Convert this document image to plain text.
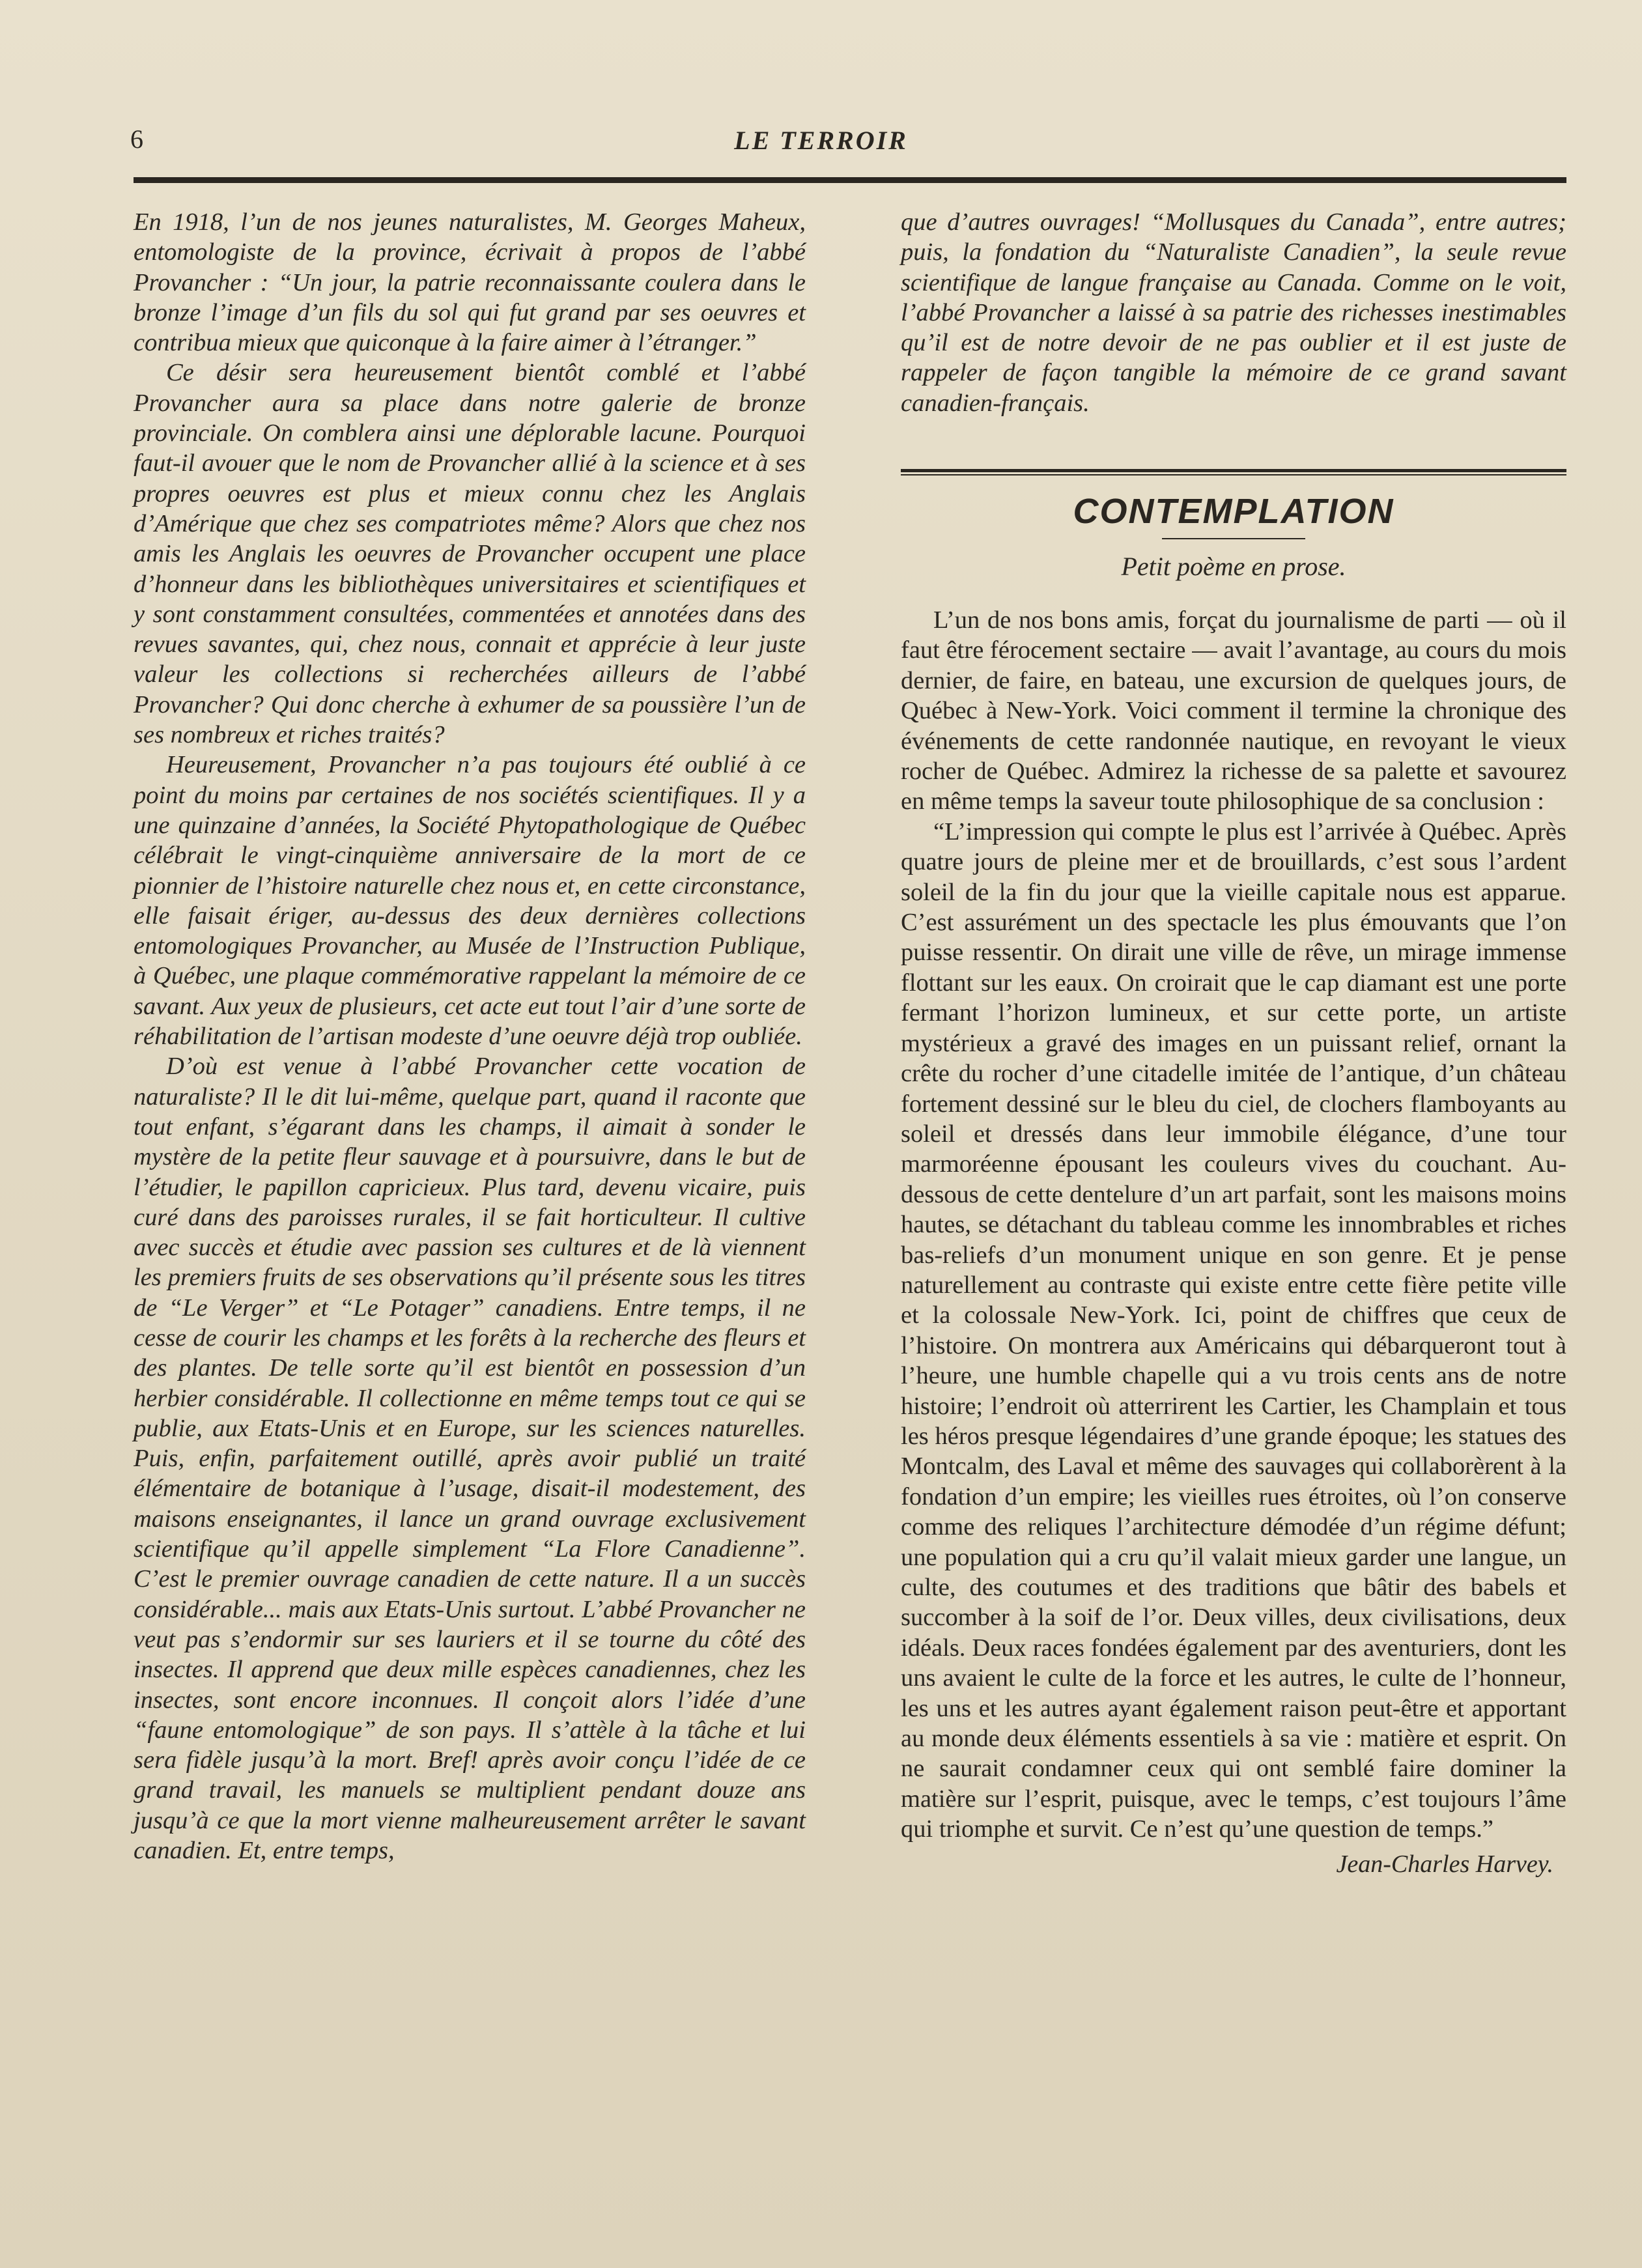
6	LE TERROIR

En 1918, l’un de nos jeunes naturalistes, M. Georges Maheux, entomologiste de la province, écrivait à propos de l’abbé Provancher : “Un jour, la patrie reconnaissante coulera dans le bronze l’image d’un fils du sol qui fut grand par ses oeuvres et contribua mieux que quiconque à la faire aimer à l’étranger.”

Ce désir sera heureusement bientôt comblé et l’abbé Provancher aura sa place dans notre galerie de bronze provinciale. On comblera ainsi une déplorable lacune. Pourquoi faut-il avouer que le nom de Provancher allié à la science et à ses propres oeuvres est plus et mieux connu chez les Anglais d’Amérique que chez ses compatriotes même? Alors que chez nos amis les Anglais les oeuvres de Provancher occupent une place d’honneur dans les bibliothèques universitaires et scientifiques et y sont constamment consultées, commentées et annotées dans des revues savantes, qui, chez nous, connait et apprécie à leur juste valeur les collections si recherchées ailleurs de l’abbé Provancher? Qui donc cherche à exhumer de sa poussière l’un de ses nombreux et riches traités?

Heureusement, Provancher n’a pas toujours été oublié à ce point du moins par certaines de nos sociétés scientifiques. Il y a une quinzaine d’années, la Société Phytopathologique de Québec célébrait le vingt-cinquième anniversaire de la mort de ce pionnier de l’histoire naturelle chez nous et, en cette circonstance, elle faisait ériger, au-dessus des deux dernières collections entomologiques Provancher, au Musée de l’Instruction Publique, à Québec, une plaque commémorative rappelant la mémoire de ce savant. Aux yeux de plusieurs, cet acte eut tout l’air d’une sorte de réhabilitation de l’artisan modeste d’une oeuvre déjà trop oubliée.

D’où est venue à l’abbé Provancher cette vocation de naturaliste? Il le dit lui-même, quelque part, quand il raconte que tout enfant, s’égarant dans les champs, il aimait à sonder le mystère de la petite fleur sauvage et à poursuivre, dans le but de l’étudier, le papillon capricieux. Plus tard, devenu vicaire, puis curé dans des paroisses rurales, il se fait horticulteur. Il cultive avec succès et étudie avec passion ses cultures et de là viennent les premiers fruits de ses observations qu’il présente sous les titres de “Le Verger” et “Le Potager” canadiens. Entre temps, il ne cesse de courir les champs et les forêts à la recherche des fleurs et des plantes. De telle sorte qu’il est bientôt en possession d’un herbier considérable. Il collectionne en même temps tout ce qui se publie, aux Etats-Unis et en Europe, sur les sciences naturelles. Puis, enfin, parfaitement outillé, après avoir publié un traité élémentaire de botanique à l’usage, disait-il modestement, des maisons enseignantes, il lance un grand ouvrage exclusivement scientifique qu’il appelle simplement “La Flore Canadienne”. C’est le premier ouvrage canadien de cette nature. Il a un succès considérable... mais aux Etats-Unis surtout. L’abbé Provancher ne veut pas s’endormir sur ses lauriers et il se tourne du côté des insectes. Il apprend que deux mille espèces canadiennes, chez les insectes, sont encore inconnues. Il conçoit alors l’idée d’une “faune entomologique” de son pays. Il s’attèle à la tâche et lui sera fidèle jusqu’à la mort. Bref! après avoir conçu l’idée de ce grand travail, les manuels se multiplient pendant douze ans jusqu’à ce que la mort vienne malheureusement arrêter le savant canadien. Et, entre temps,

que d’autres ouvrages! “Mollusques du Canada”, entre autres; puis, la fondation du “Naturaliste Canadien”, la seule revue scientifique de langue française au Canada. Comme on le voit, l’abbé Provancher a laissé à sa patrie des richesses inestimables qu’il est de notre devoir de ne pas oublier et il est juste de rappeler de façon tangible la mémoire de ce grand savant canadien-français.

CONTEMPLATION
Petit poème en prose.

L’un de nos bons amis, forçat du journalisme de parti — où il faut être férocement sectaire — avait l’avantage, au cours du mois dernier, de faire, en bateau, une excursion de quelques jours, de Québec à New-York. Voici comment il termine la chronique des événements de cette randonnée nautique, en revoyant le vieux rocher de Québec. Admirez la richesse de sa palette et savourez en même temps la saveur toute philosophique de sa conclusion :

“L’impression qui compte le plus est l’arrivée à Québec. Après quatre jours de pleine mer et de brouillards, c’est sous l’ardent soleil de la fin du jour que la vieille capitale nous est apparue. C’est assurément un des spectacle les plus émouvants que l’on puisse ressentir. On dirait une ville de rêve, un mirage immense flottant sur les eaux. On croirait que le cap diamant est une porte fermant l’horizon lumineux, et sur cette porte, un artiste mystérieux a gravé des images en un puissant relief, ornant la crête du rocher d’une citadelle imitée de l’antique, d’un château fortement dessiné sur le bleu du ciel, de clochers flamboyants au soleil et dressés dans leur immobile élégance, d’une tour marmoréenne épousant les couleurs vives du couchant. Au-dessous de cette dentelure d’un art parfait, sont les maisons moins hautes, se détachant du tableau comme les innombrables et riches bas-reliefs d’un monument unique en son genre. Et je pense naturellement au contraste qui existe entre cette fière petite ville et la colossale New-York. Ici, point de chiffres que ceux de l’histoire. On montrera aux Américains qui débarqueront tout à l’heure, une humble chapelle qui a vu trois cents ans de notre histoire; l’endroit où atterrirent les Cartier, les Champlain et tous les héros presque légendaires d’une grande époque; les statues des Montcalm, des Laval et même des sauvages qui collaborèrent à la fondation d’un empire; les vieilles rues étroites, où l’on conserve comme des reliques l’architecture démodée d’un régime défunt; une population qui a cru qu’il valait mieux garder une langue, un culte, des coutumes et des traditions que bâtir des babels et succomber à la soif de l’or. Deux villes, deux civilisations, deux idéals. Deux races fondées également par des aventuriers, dont les uns avaient le culte de la force et les autres, le culte de l’honneur, les uns et les autres ayant également raison peut-être et apportant au monde deux éléments essentiels à sa vie : matière et esprit. On ne saurait condamner ceux qui ont semblé faire dominer la matière sur l’esprit, puisque, avec le temps, c’est toujours l’âme qui triomphe et survit. Ce n’est qu’une question de temps.”

Jean-Charles Harvey.
